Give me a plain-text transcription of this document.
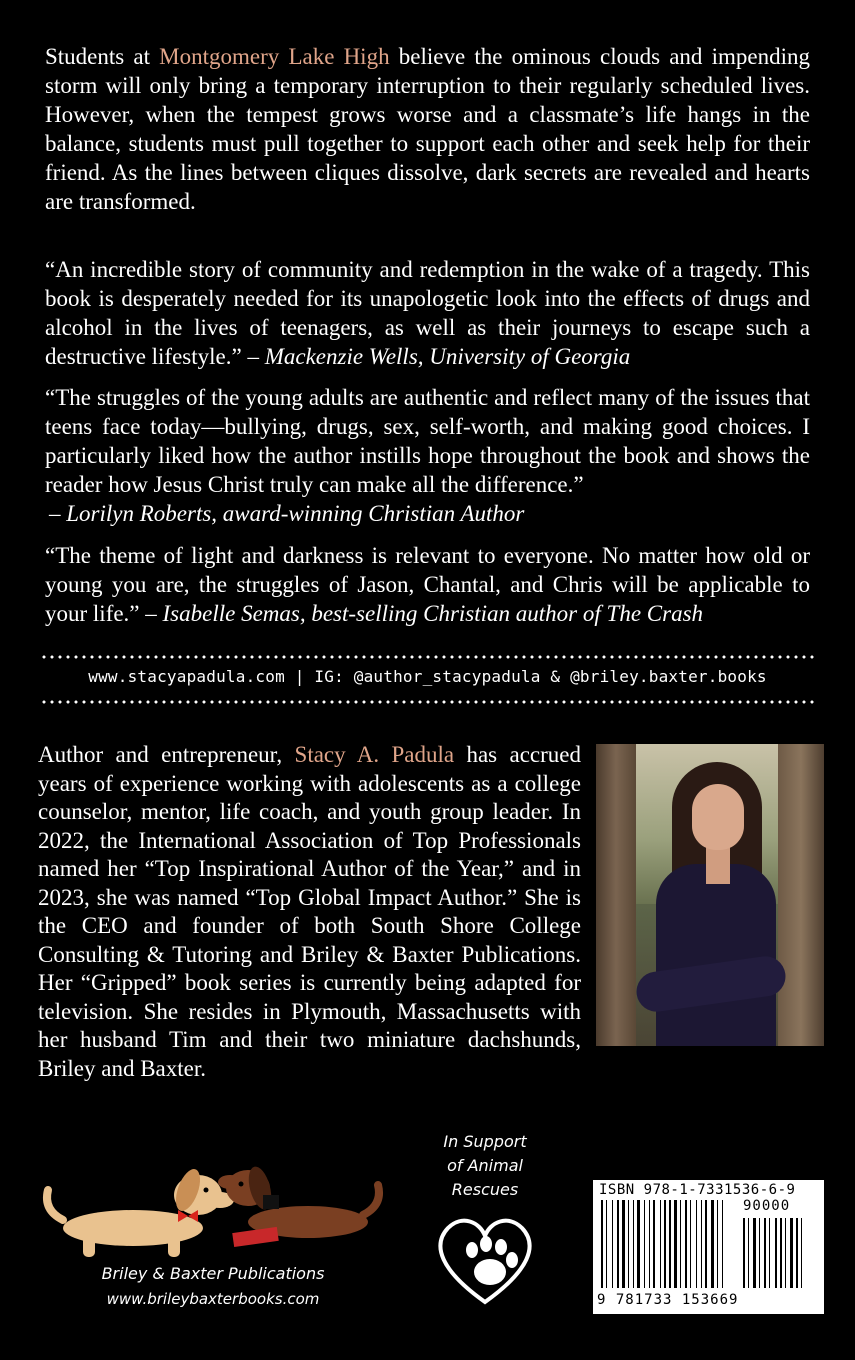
Students at Montgomery Lake High believe the ominous clouds and impending storm will only bring a temporary interruption to their regularly scheduled lives. However, when the tempest grows worse and a classmate’s life hangs in the balance, students must pull together to support each other and seek help for their friend. As the lines between cliques dissolve, dark secrets are revealed and hearts are transformed.

“An incredible story of community and redemption in the wake of a tragedy. This book is desperately needed for its unapologetic look into the effects of drugs and alcohol in the lives of teenagers, as well as their journeys to escape such a destructive lifestyle.” – Mackenzie Wells, University of Georgia

“The struggles of the young adults are authentic and reflect many of the issues that teens face today—bullying, drugs, sex, self-worth, and making good choices. I particularly liked how the author instills hope throughout the book and shows the reader how Jesus Christ truly can make all the difference.”
– Lorilyn Roberts, award-winning Christian Author

“The theme of light and darkness is relevant to everyone. No matter how old or young you are, the struggles of Jason, Chantal, and Chris will be applicable to your life.” – Isabelle Semas, best-selling Christian author of The Crash

www.stacyapadula.com | IG: @author_stacypadula & @briley.baxter.books

Author and entrepreneur, Stacy A. Padula has accrued years of experience working with adolescents as a college counselor, mentor, life coach, and youth group leader. In 2022, the International Association of Top Professionals named her “Top Inspirational Author of the Year,” and in 2023, she was named “Top Global Impact Author.” She is the CEO and founder of both South Shore College Consulting & Tutoring and Briley & Baxter Publications. Her “Gripped” book series is currently being adapted for television. She resides in Plymouth, Massachusetts with her husband Tim and their two miniature dachshunds, Briley and Baxter.

Briley & Baxter Publications
www.brileybaxterbooks.com
In Support
of Animal
Rescues	ISBN 978-1-7331536-6-9
90000
9 781733 153669
